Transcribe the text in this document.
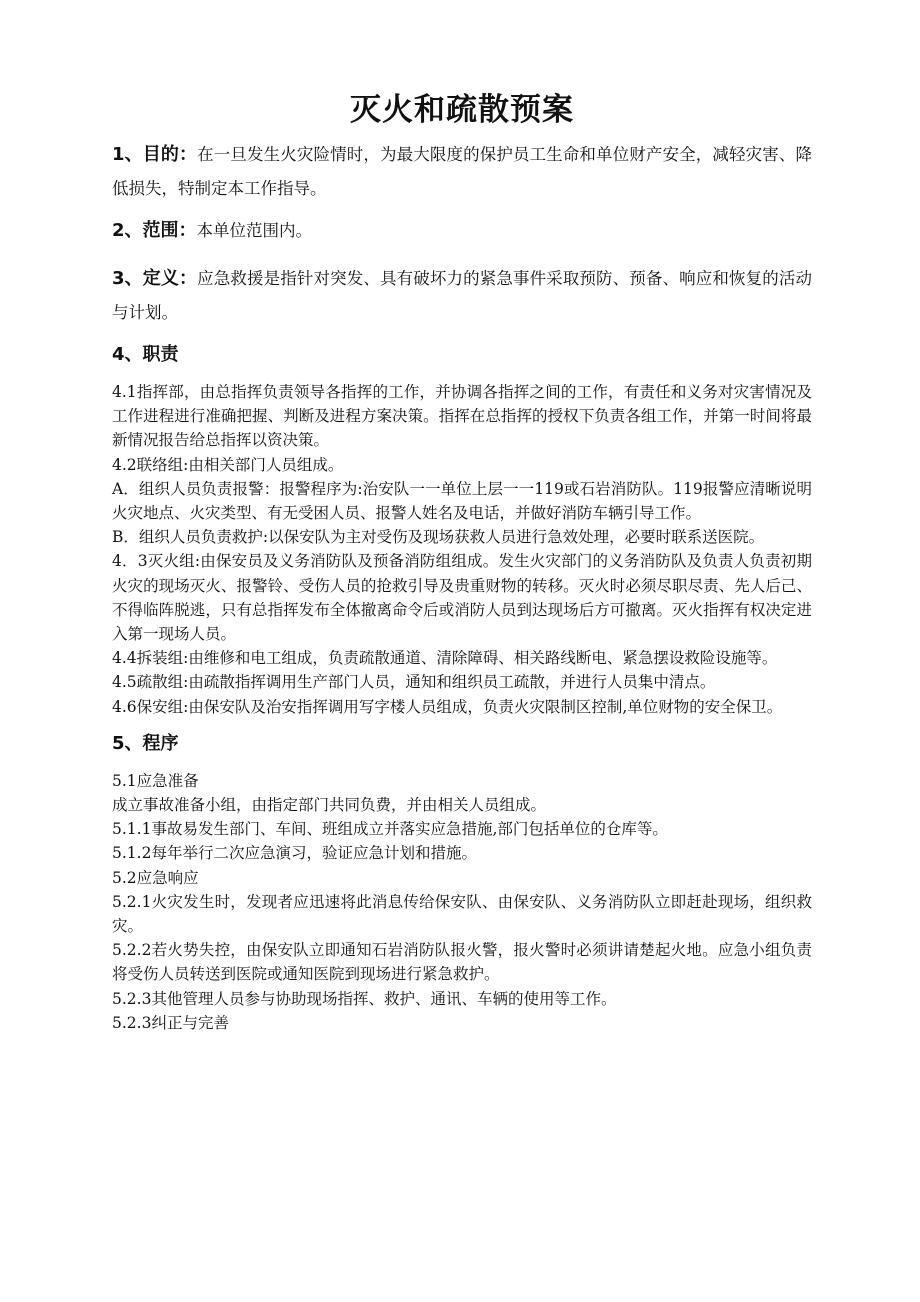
灭火和疏散预案

1、目的：在一旦发生火灾险情时，为最大限度的保护员工生命和单位财产安全，减轻灾害、降低损失，特制定本工作指导。

2、范围：本单位范围内。

3、定义：应急救援是指针对突发、具有破坏力的紧急事件采取预防、预备、响应和恢复的活动与计划。

4、职责

4.1指挥部，由总指挥负责领导各指挥的工作，并协调各指挥之间的工作，有责任和义务对灾害情况及工作进程进行准确把握、判断及进程方案决策。指挥在总指挥的授权下负责各组工作，并第一时间将最新情况报告给总指挥以资决策。

4.2联络组:由相关部门人员组成。

A．组织人员负责报警：报警程序为:治安队一一单位上层一一119或石岩消防队。119报警应清晰说明火灾地点、火灾类型、有无受困人员、报警人姓名及电话，并做好消防车辆引导工作。

B．组织人员负责救护:以保安队为主对受伤及现场获救人员进行急效处理，必要时联系送医院。

4．3灭火组:由保安员及义务消防队及预备消防组组成。发生火灾部门的义务消防队及负责人负责初期火灾的现场灭火、报警铃、受伤人员的抢救引导及贵重财物的转移。灭火时必须尽职尽责、先人后己、不得临阵脱逃，只有总指挥发布全体撤离命令后或消防人员到达现场后方可撤离。灭火指挥有权决定进入第一现场人员。

4.4拆装组:由维修和电工组成，负责疏散通道、清除障碍、相关路线断电、紧急摆设救险设施等。

4.5疏散组:由疏散指挥调用生产部门人员，通知和组织员工疏散，并进行人员集中清点。

4.6保安组:由保安队及治安指挥调用写字楼人员组成，负责火灾限制区控制,单位财物的安全保卫。

5、程序

5.1应急准备

成立事故准备小组，由指定部门共同负费，并由相关人员组成。

5.1.1事故易发生部门、车间、班组成立并落实应急措施,部门包括单位的仓库等。

5.1.2每年举行二次应急演习，验证应急计划和措施。

5.2应急响应

5.2.1火灾发生时，发现者应迅速将此消息传给保安队、由保安队、义务消防队立即赶赴现场，组织救灾。

5.2.2若火势失控，由保安队立即通知石岩消防队报火警，报火警时必须讲请楚起火地。应急小组负责将受伤人员转送到医院或通知医院到现场进行紧急救护。

5.2.3其他管理人员参与协助现场指挥、救护、通讯、车辆的使用等工作。

5.2.3纠正与完善
